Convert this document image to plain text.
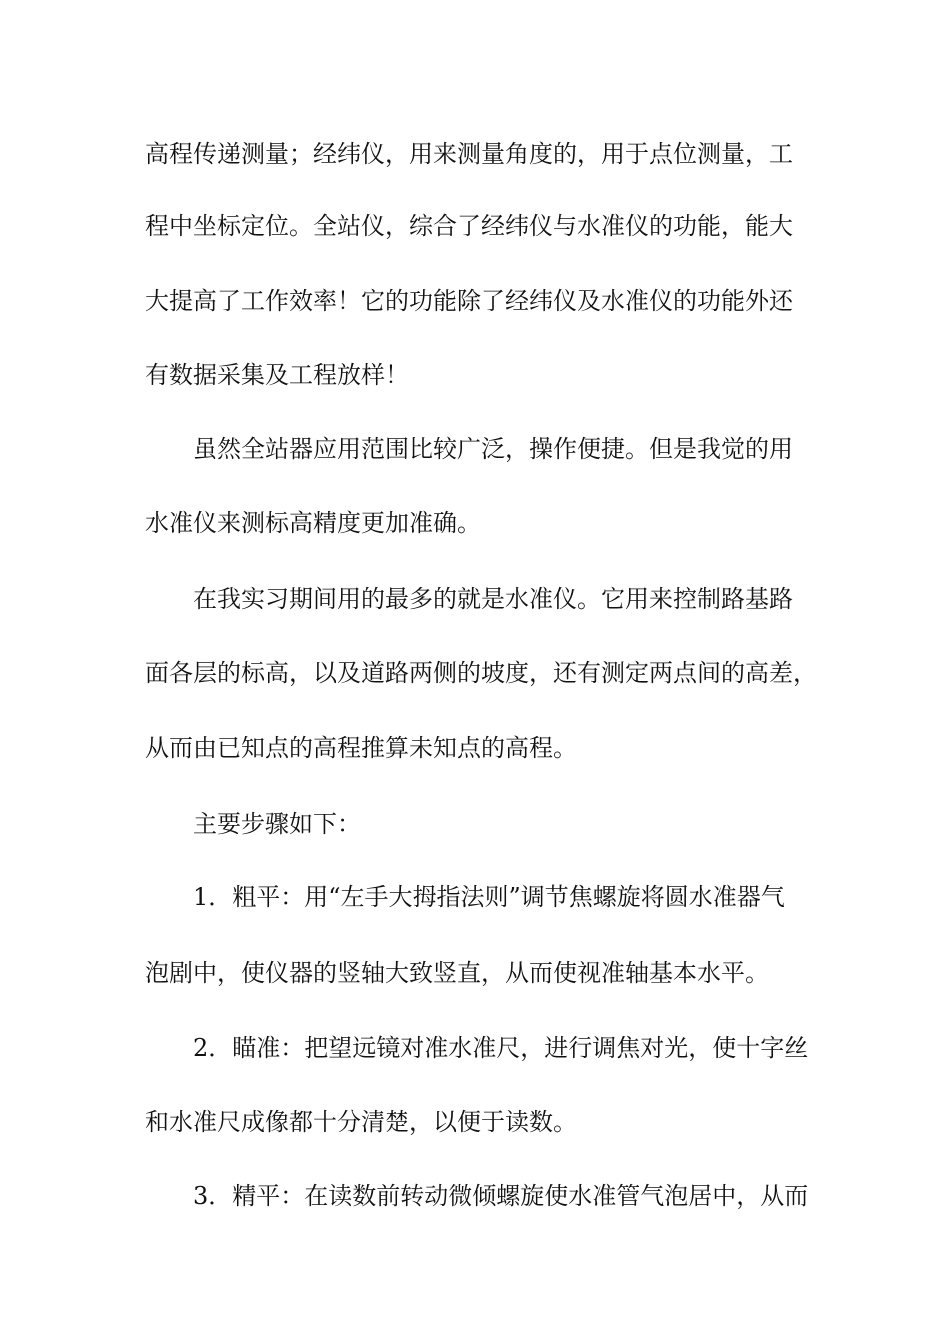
高程传递测量；经纬仪，用来测量角度的，用于点位测量，工
程中坐标定位。全站仪，综合了经纬仪与水准仪的功能，能大
大提高了工作效率！它的功能除了经纬仪及水准仪的功能外还
有数据采集及工程放样！
虽然全站器应用范围比较广泛，操作便捷。但是我觉的用
水准仪来测标高精度更加准确。
在我实习期间用的最多的就是水准仪。它用来控制路基路
面各层的标高，以及道路两侧的坡度，还有测定两点间的高差，
从而由已知点的高程推算未知点的高程。
主要步骤如下：
1．粗平：用“左手大拇指法则”调节焦螺旋将圆水准器气
泡剧中，使仪器的竖轴大致竖直，从而使视准轴基本水平。
2．瞄准：把望远镜对准水准尺，进行调焦对光，使十字丝
和水准尺成像都十分清楚，以便于读数。
3．精平：在读数前转动微倾螺旋使水准管气泡居中，从而
